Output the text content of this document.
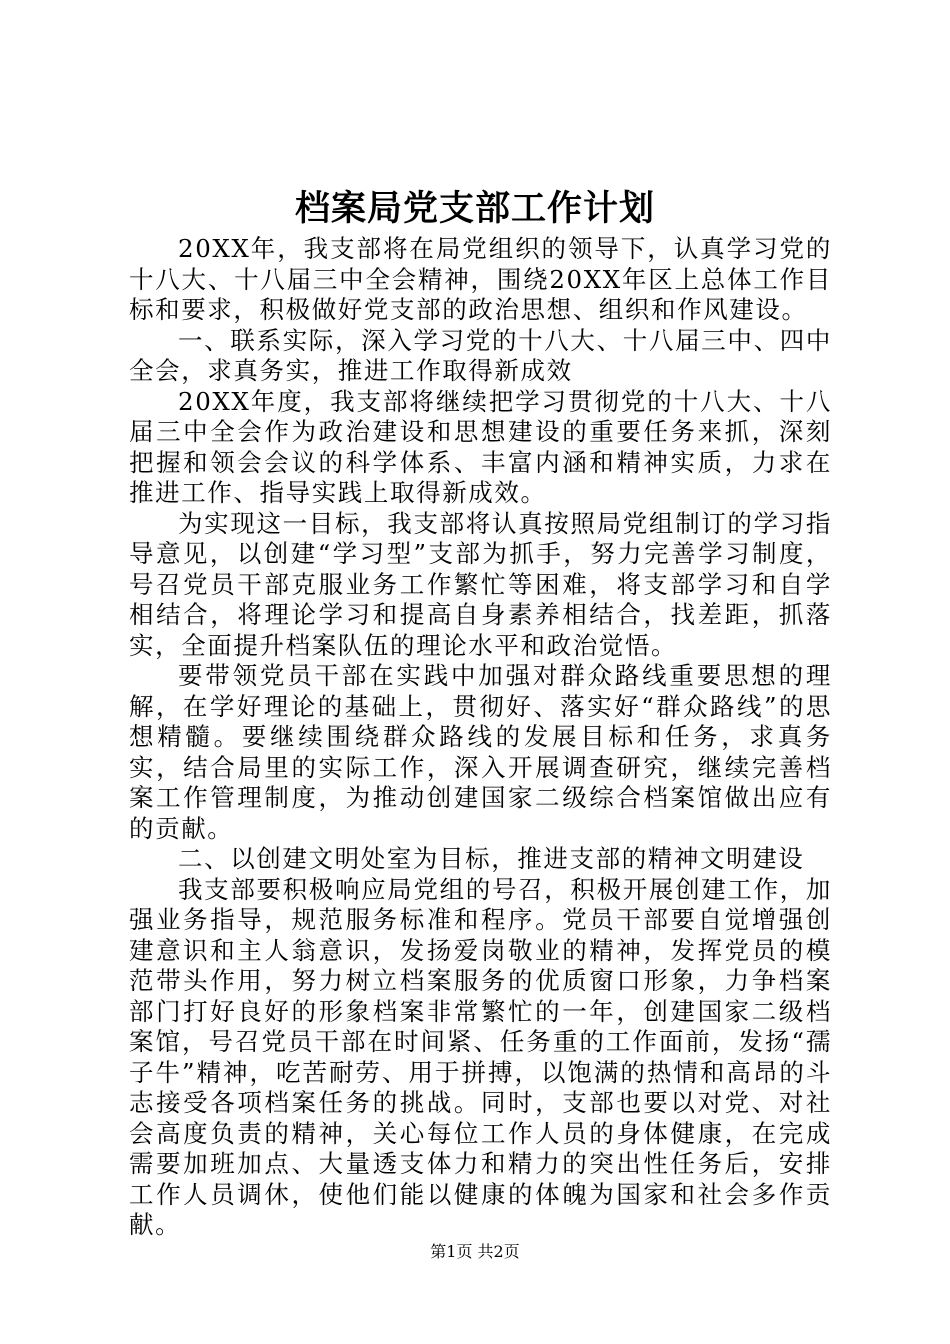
档案局党支部工作计划

20XX年，我支部将在局党组织的领导下，认真学习党的十八大、十八届三中全会精神，围绕20XX年区上总体工作目标和要求，积极做好党支部的政治思想、组织和作风建设。

一、联系实际，深入学习党的十八大、十八届三中、四中全会，求真务实，推进工作取得新成效

20XX年度，我支部将继续把学习贯彻党的十八大、十八届三中全会作为政治建设和思想建设的重要任务来抓，深刻把握和领会会议的科学体系、丰富内涵和精神实质，力求在推进工作、指导实践上取得新成效。

为实现这一目标，我支部将认真按照局党组制订的学习指导意见，以创建“学习型”支部为抓手，努力完善学习制度，号召党员干部克服业务工作繁忙等困难，将支部学习和自学相结合，将理论学习和提高自身素养相结合，找差距，抓落实，全面提升档案队伍的理论水平和政治觉悟。

要带领党员干部在实践中加强对群众路线重要思想的理解，在学好理论的基础上，贯彻好、落实好“群众路线”的思想精髓。要继续围绕群众路线的发展目标和任务，求真务实，结合局里的实际工作，深入开展调查研究，继续完善档案工作管理制度，为推动创建国家二级综合档案馆做出应有的贡献。

二、以创建文明处室为目标，推进支部的精神文明建设

我支部要积极响应局党组的号召，积极开展创建工作，加强业务指导，规范服务标准和程序。党员干部要自觉增强创建意识和主人翁意识，发扬爱岗敬业的精神，发挥党员的模范带头作用，努力树立档案服务的优质窗口形象，力争档案部门打好良好的形象档案非常繁忙的一年，创建国家二级档案馆，号召党员干部在时间紧、任务重的工作面前，发扬“孺子牛”精神，吃苦耐劳、用于拼搏，以饱满的热情和高昂的斗志接受各项档案任务的挑战。同时，支部也要以对党、对社会高度负责的精神，关心每位工作人员的身体健康，在完成需要加班加点、大量透支体力和精力的突出性任务后，安排工作人员调休，使他们能以健康的体魄为国家和社会多作贡献。

第1页 共2页
